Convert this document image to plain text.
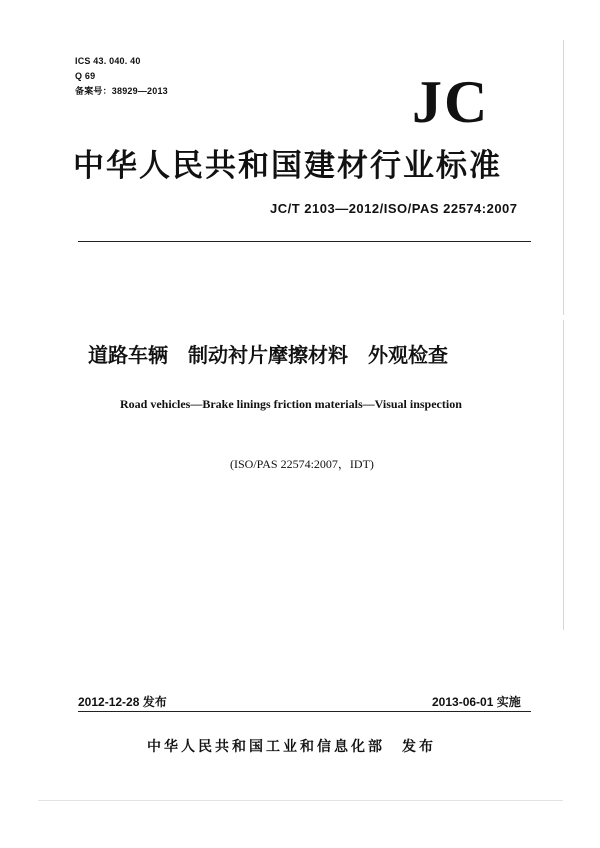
ICS 43. 040. 40
Q 69
备案号：38929—2013	JC
中华人民共和国建材行业标准
JC/T 2103—2012/ISO/PAS 22574:2007
道路车辆　制动衬片摩擦材料　外观检查
Road vehicles—Brake linings friction materials—Visual inspection
(ISO/PAS 22574:2007，IDT)
2012-12-28 发布	2013-06-01 实施
中华人民共和国工业和信息化部　发布
